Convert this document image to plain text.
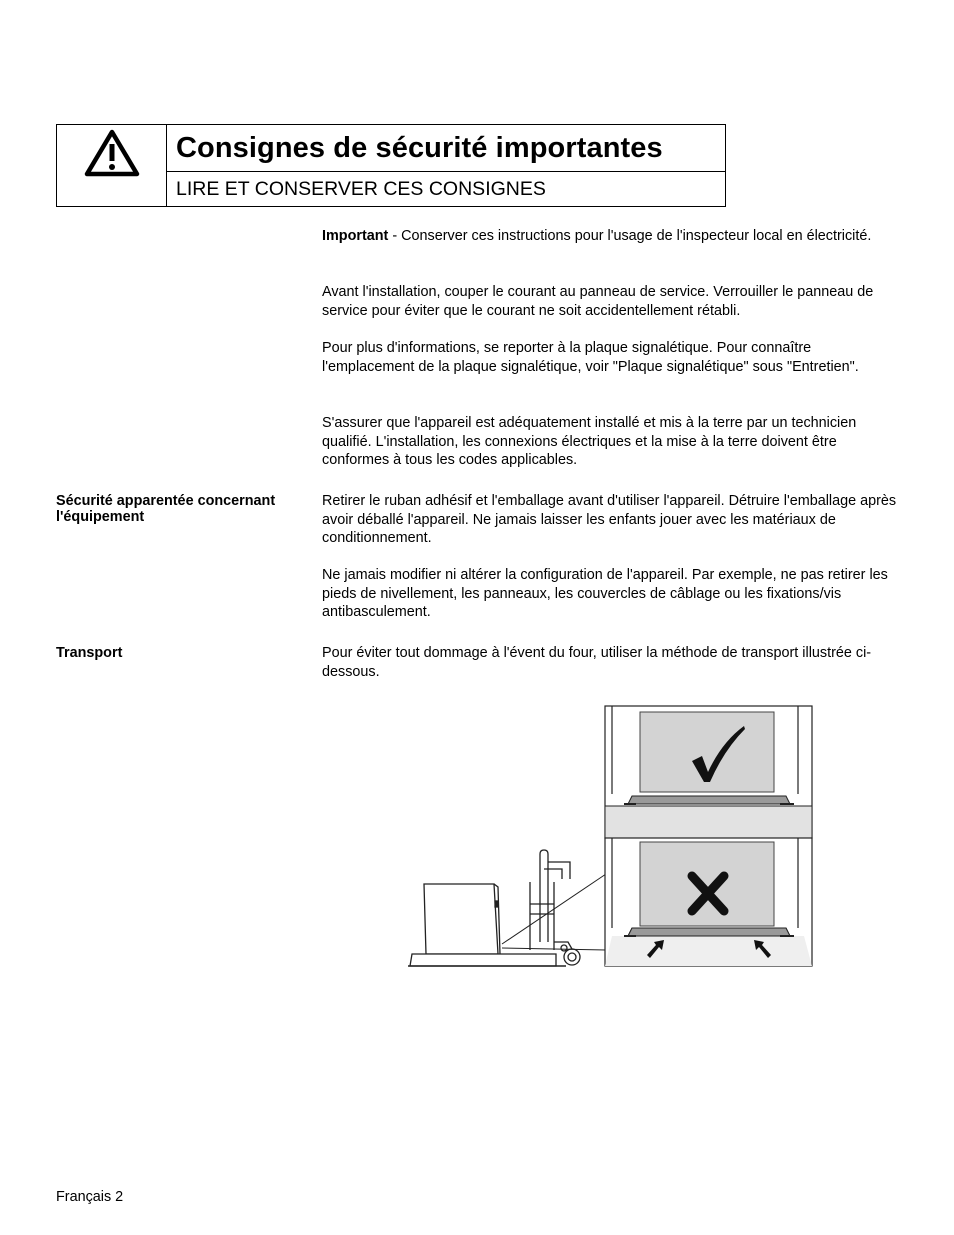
Consignes de sécurité importantes
LIRE ET CONSERVER CES CONSIGNES

Important - Conserver ces instructions pour l'usage de l'inspecteur local en électricité.

Avant l'installation, couper le courant au panneau de service. Verrouiller le panneau de service pour éviter que le courant ne soit accidentellement rétabli.

Pour plus d'informations, se reporter à la plaque signalétique. Pour connaître l'emplacement de la plaque signalétique, voir "Plaque signalétique" sous "Entretien".

S'assurer que l'appareil est adéquatement installé et mis à la terre par un technicien qualifié. L'installation, les connexions électriques et la mise à la terre doivent être conformes à tous les codes applicables.

Sécurité apparentée concernant l'équipement

Retirer le ruban adhésif et l'emballage avant d'utiliser l'appareil. Détruire l'emballage après avoir déballé l'appareil. Ne jamais laisser les enfants jouer avec les matériaux de conditionnement.

Ne jamais modifier ni altérer la configuration de l'appareil. Par exemple, ne pas retirer les pieds de nivellement, les panneaux, les couvercles de câblage ou les fixations/vis antibasculement.

Transport	Pour éviter tout dommage à l'évent du four, utiliser la méthode de transport illustrée ci-dessous.

Français 2
